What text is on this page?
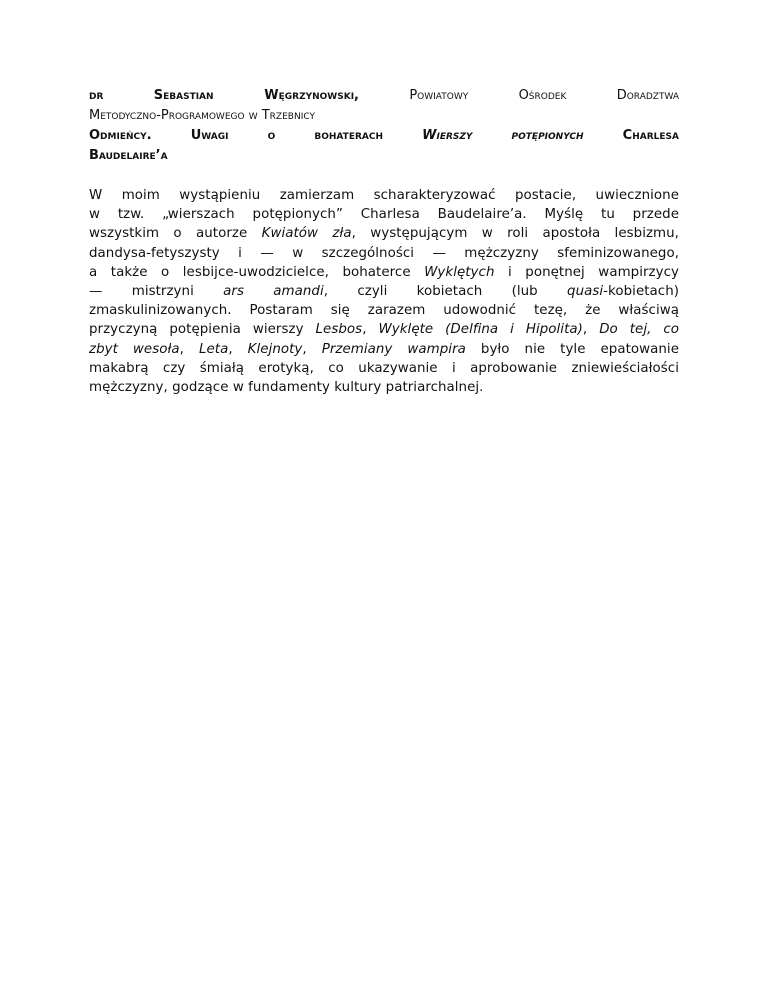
dr	Sebastian Węgrzynowski,	Powiatowy Ośrodek Doradztwa

Metodyczno-Programowego w Trzebnicy

Odmieńcy. Uwagi o bohaterach	Wierszy	potępionych	Charlesa

Baudelaire’a

W moim wystąpieniu zamierzam scharakteryzować postacie, uwiecznione
w tzw. „wierszach potępionych” Charlesa Baudelaire’a. Myślę tu przede
wszystkim o autorze Kwiatów zła, występującym w roli apostoła lesbizmu,
dandysa-fetyszysty i — w szczególności — mężczyzny sfeminizowanego,
a także o lesbijce-uwodzicielce, bohaterce Wyklętych i ponętnej wampirzycy
— mistrzyni ars amandi, czyli kobietach (lub quasi-kobietach)
zmaskulinizowanych. Postaram się zarazem udowodnić tezę, że właściwą
przyczyną potępienia wierszy Lesbos, Wyklęte (Delfina i Hipolita), Do tej, co
zbyt wesoła, Leta, Klejnoty, Przemiany wampira było nie tyle epatowanie
makabrą czy śmiałą erotyką, co ukazywanie i aprobowanie zniewieściałości
mężczyzny, godzące w fundamenty kultury patriarchalnej.
